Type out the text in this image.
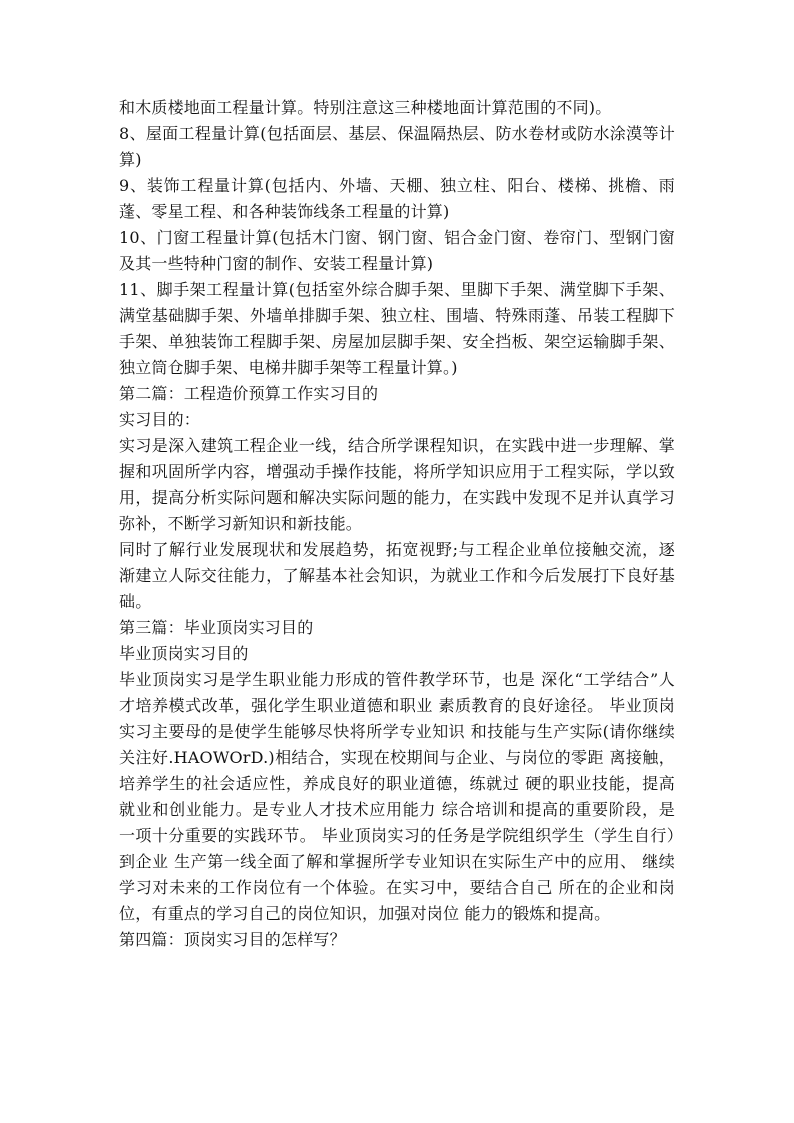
和木质楼地面工程量计算。特别注意这三种楼地面计算范围的不同)。

8、屋面工程量计算(包括面层、基层、保温隔热层、防水卷材或防水涂漠等计算)

9、装饰工程量计算(包括内、外墙、天棚、独立柱、阳台、楼梯、挑檐、雨蓬、零星工程、和各种装饰线条工程量的计算)

10、门窗工程量计算(包括木门窗、钢门窗、铝合金门窗、卷帘门、型钢门窗及其一些特种门窗的制作、安装工程量计算)

11、脚手架工程量计算(包括室外综合脚手架、里脚下手架、满堂脚下手架、满堂基础脚手架、外墙单排脚手架、独立柱、围墙、特殊雨蓬、吊装工程脚下手架、单独装饰工程脚手架、房屋加层脚手架、安全挡板、架空运输脚手架、独立筒仓脚手架、电梯井脚手架等工程量计算。)

第二篇：工程造价预算工作实习目的

实习目的：

实习是深入建筑工程企业一线，结合所学课程知识，在实践中进一步理解、掌握和巩固所学内容，增强动手操作技能，将所学知识应用于工程实际，学以致用，提高分析实际问题和解决实际问题的能力，在实践中发现不足并认真学习弥补，不断学习新知识和新技能。

同时了解行业发展现状和发展趋势，拓宽视野;与工程企业单位接触交流，逐渐建立人际交往能力，了解基本社会知识，为就业工作和今后发展打下良好基础。

第三篇：毕业顶岗实习目的

毕业顶岗实习目的

毕业顶岗实习是学生职业能力形成的管件教学环节，也是 深化“工学结合”人才培养模式改革，强化学生职业道德和职业 素质教育的良好途径。 毕业顶岗实习主要母的是使学生能够尽快将所学专业知识 和技能与生产实际(请你继续关注好.HAOWOrD.)相结合，实现在校期间与企业、与岗位的零距 离接触，培养学生的社会适应性，养成良好的职业道德，练就过 硬的职业技能，提高就业和创业能力。是专业人才技术应用能力 综合培训和提高的重要阶段，是一项十分重要的实践环节。 毕业顶岗实习的任务是学院组织学生（学生自行）到企业 生产第一线全面了解和掌握所学专业知识在实际生产中的应用、 继续学习对未来的工作岗位有一个体验。在实习中，要结合自己 所在的企业和岗位，有重点的学习自己的岗位知识，加强对岗位 能力的锻炼和提高。

第四篇：顶岗实习目的怎样写？
